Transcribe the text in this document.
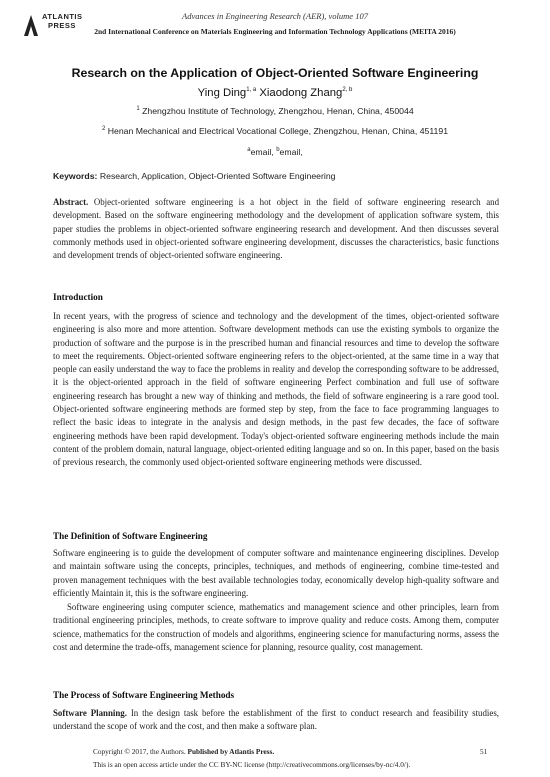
ATLANTIS
PRESS
Advances in Engineering Research (AER), volume 107
2nd International Conference on Materials Engineering and Information Technology Applications (MEITA 2016)
Research on the Application of Object-Oriented Software Engineering
Ying Ding$^{1, a}$ Xiaodong Zhang$^{2, b}$
$^1$ Zhengzhou Institute of Technology, Zhengzhou, Henan, China, 450044
$^2$ Henan Mechanical and Electrical Vocational College, Zhengzhou, Henan, China, 451191
$^a$email, $^b$email,
Keywords: Research, Application, Object-Oriented Software Engineering
Abstract. Object-oriented software engineering is a hot object in the field of software engineering research and development. Based on the software engineering methodology and the development of application software system, this paper studies the problems in object-oriented software engineering research and development. And then discusses several commonly methods used in object-oriented software engineering development, discusses the characteristics, basic functions and development trends of object-oriented software engineering.
Introduction
In recent years, with the progress of science and technology and the development of the times, object-oriented software engineering is also more and more attention. Software development methods can use the existing symbols to organize the production of software and the purpose is in the prescribed human and financial resources and time to develop the software to meet the requirements. Object-oriented software engineering refers to the object-oriented, at the same time in a way that people can easily understand the way to face the problems in reality and develop the corresponding software to be addressed, it is the object-oriented approach in the field of software engineering Perfect combination and full use of software engineering research has brought a new way of thinking and methods, the field of software engineering is a rare good tool. Object-oriented software engineering methods are formed step by step, from the face to face programming languages to reflect the basic ideas to integrate in the analysis and design methods, in the past few decades, the face of software engineering methods have been rapid development. Today's object-oriented software engineering methods include the main content of the problem domain, natural language, object-oriented editing language and so on. In this paper, based on the basis of previous research, the commonly used object-oriented software engineering methods were discussed.
The Definition of Software Engineering
Software engineering is to guide the development of computer software and maintenance engineering disciplines. Develop and maintain software using the concepts, principles, techniques, and methods of engineering, combine time-tested and proven management techniques with the best available technologies today, economically develop high-quality software and efficiently Maintain it, this is the software engineering.
Software engineering using computer science, mathematics and management science and other principles, learn from traditional engineering principles, methods, to create software to improve quality and reduce costs. Among them, computer science, mathematics for the construction of models and algorithms, engineering science for manufacturing norms, assess the cost and determine the trade-offs, management science for planning, resource quality, cost management.
The Process of Software Engineering Methods
Software Planning. In the design task before the establishment of the first to conduct research and feasibility studies, understand the scope of work and the cost, and then make a software plan.
Copyright © 2017, the Authors. Published by Atlantis Press.	51
This is an open access article under the CC BY-NC license (http://creativecommons.org/licenses/by-nc/4.0/).
